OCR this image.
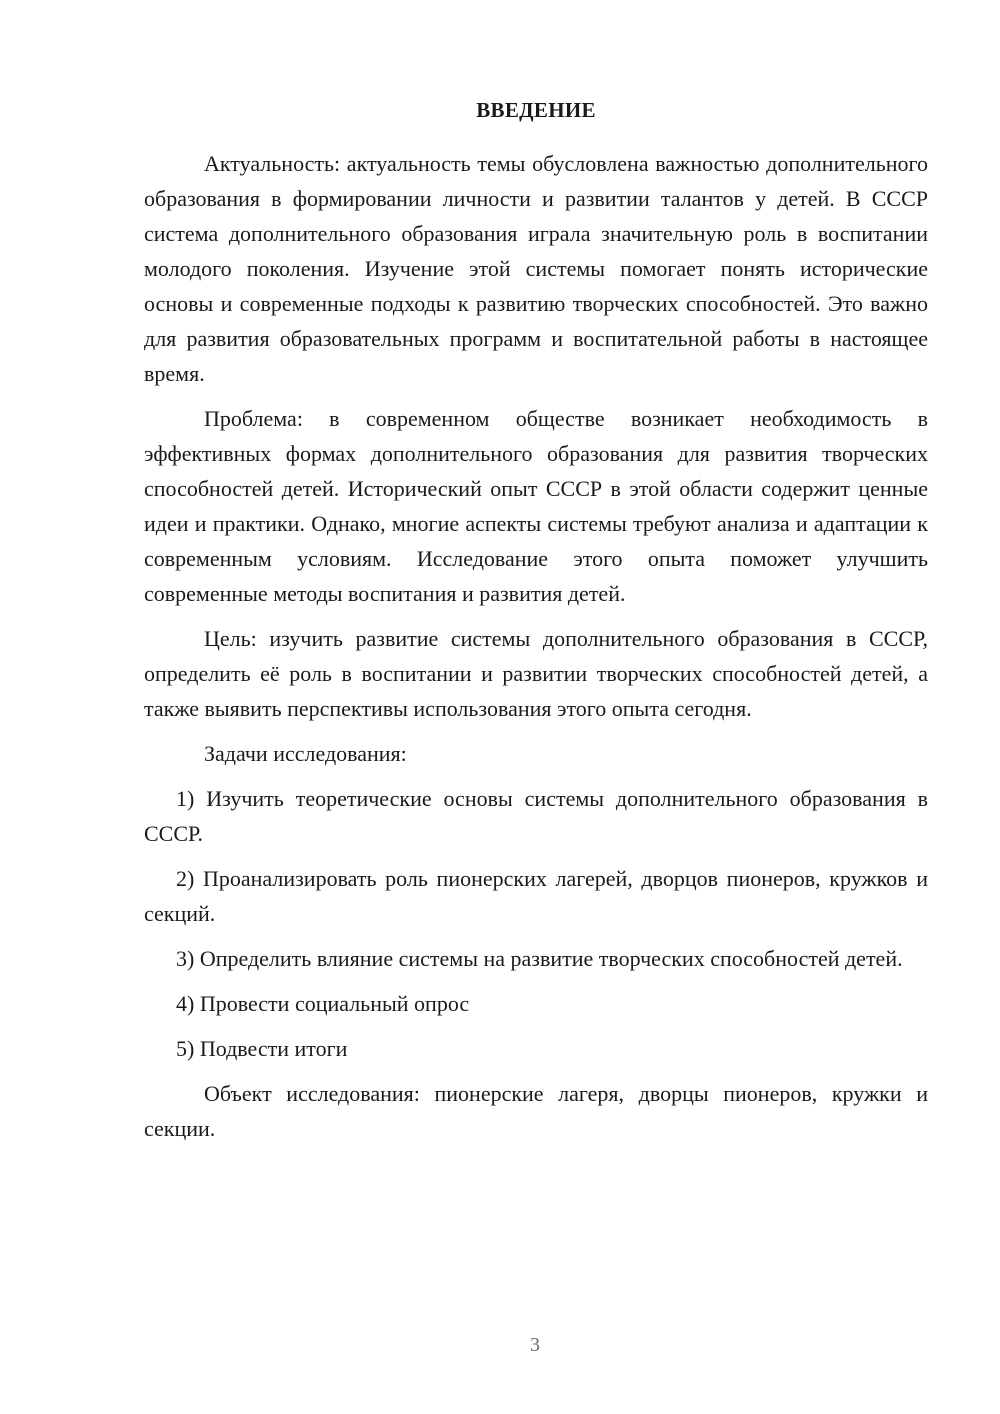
ВВЕДЕНИЕ

Актуальность: актуальность темы обусловлена важностью дополнительного образования в формировании личности и развитии талантов у детей. В СССР система дополнительного образования играла значительную роль в воспитании молодого поколения. Изучение этой системы помогает понять исторические основы и современные подходы к развитию творческих способностей. Это важно для развития образовательных программ и воспитательной работы в настоящее время.

Проблема: в современном обществе возникает необходимость в эффективных формах дополнительного образования для развития творческих способностей детей. Исторический опыт СССР в этой области содержит ценные идеи и практики. Однако, многие аспекты системы требуют анализа и адаптации к современным условиям. Исследование этого опыта поможет улучшить современные методы воспитания и развития детей.

Цель: изучить развитие системы дополнительного образования в СССР, определить её роль в воспитании и развитии творческих способностей детей, а также выявить перспективы использования этого опыта сегодня.

Задачи исследования:

1) Изучить теоретические основы системы дополнительного образования в СССР.

2) Проанализировать роль пионерских лагерей, дворцов пионеров, кружков и секций.

3) Определить влияние системы на развитие творческих способностей детей.

4) Провести социальный опрос

5) Подвести итоги

Объект исследования: пионерские лагеря, дворцы пионеров, кружки и секции.

3
